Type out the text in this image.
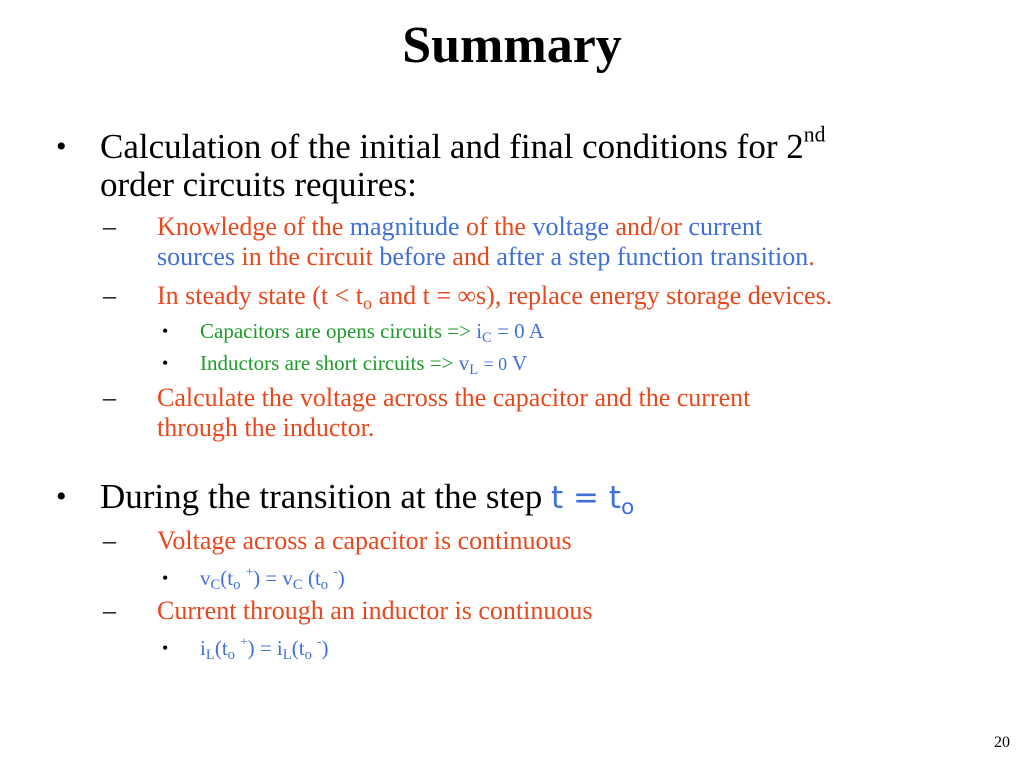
Summary
• Calculation of the initial and final conditions for 2nd
order circuits requires:
– Knowledge of the magnitude of the voltage and/or current
sources in the circuit before and after a step function transition.
– In steady state ($t < t_o$ and t = ∞s), replace energy storage devices.
• Capacitors are opens circuits => $i_C = 0$ A
• Inductors are short circuits => $v_L = 0$ V
– Calculate the voltage across the capacitor and the current
through the inductor.
• During the transition at the step $t = t_o$
– Voltage across a capacitor is continuous
• $v_C(t_o$ $^+) = v_C$ ($t_o$ -)
– Current through an inductor is continuous
• $i_L(t_o$ $^+) = i_L(t_o$ -)
20
